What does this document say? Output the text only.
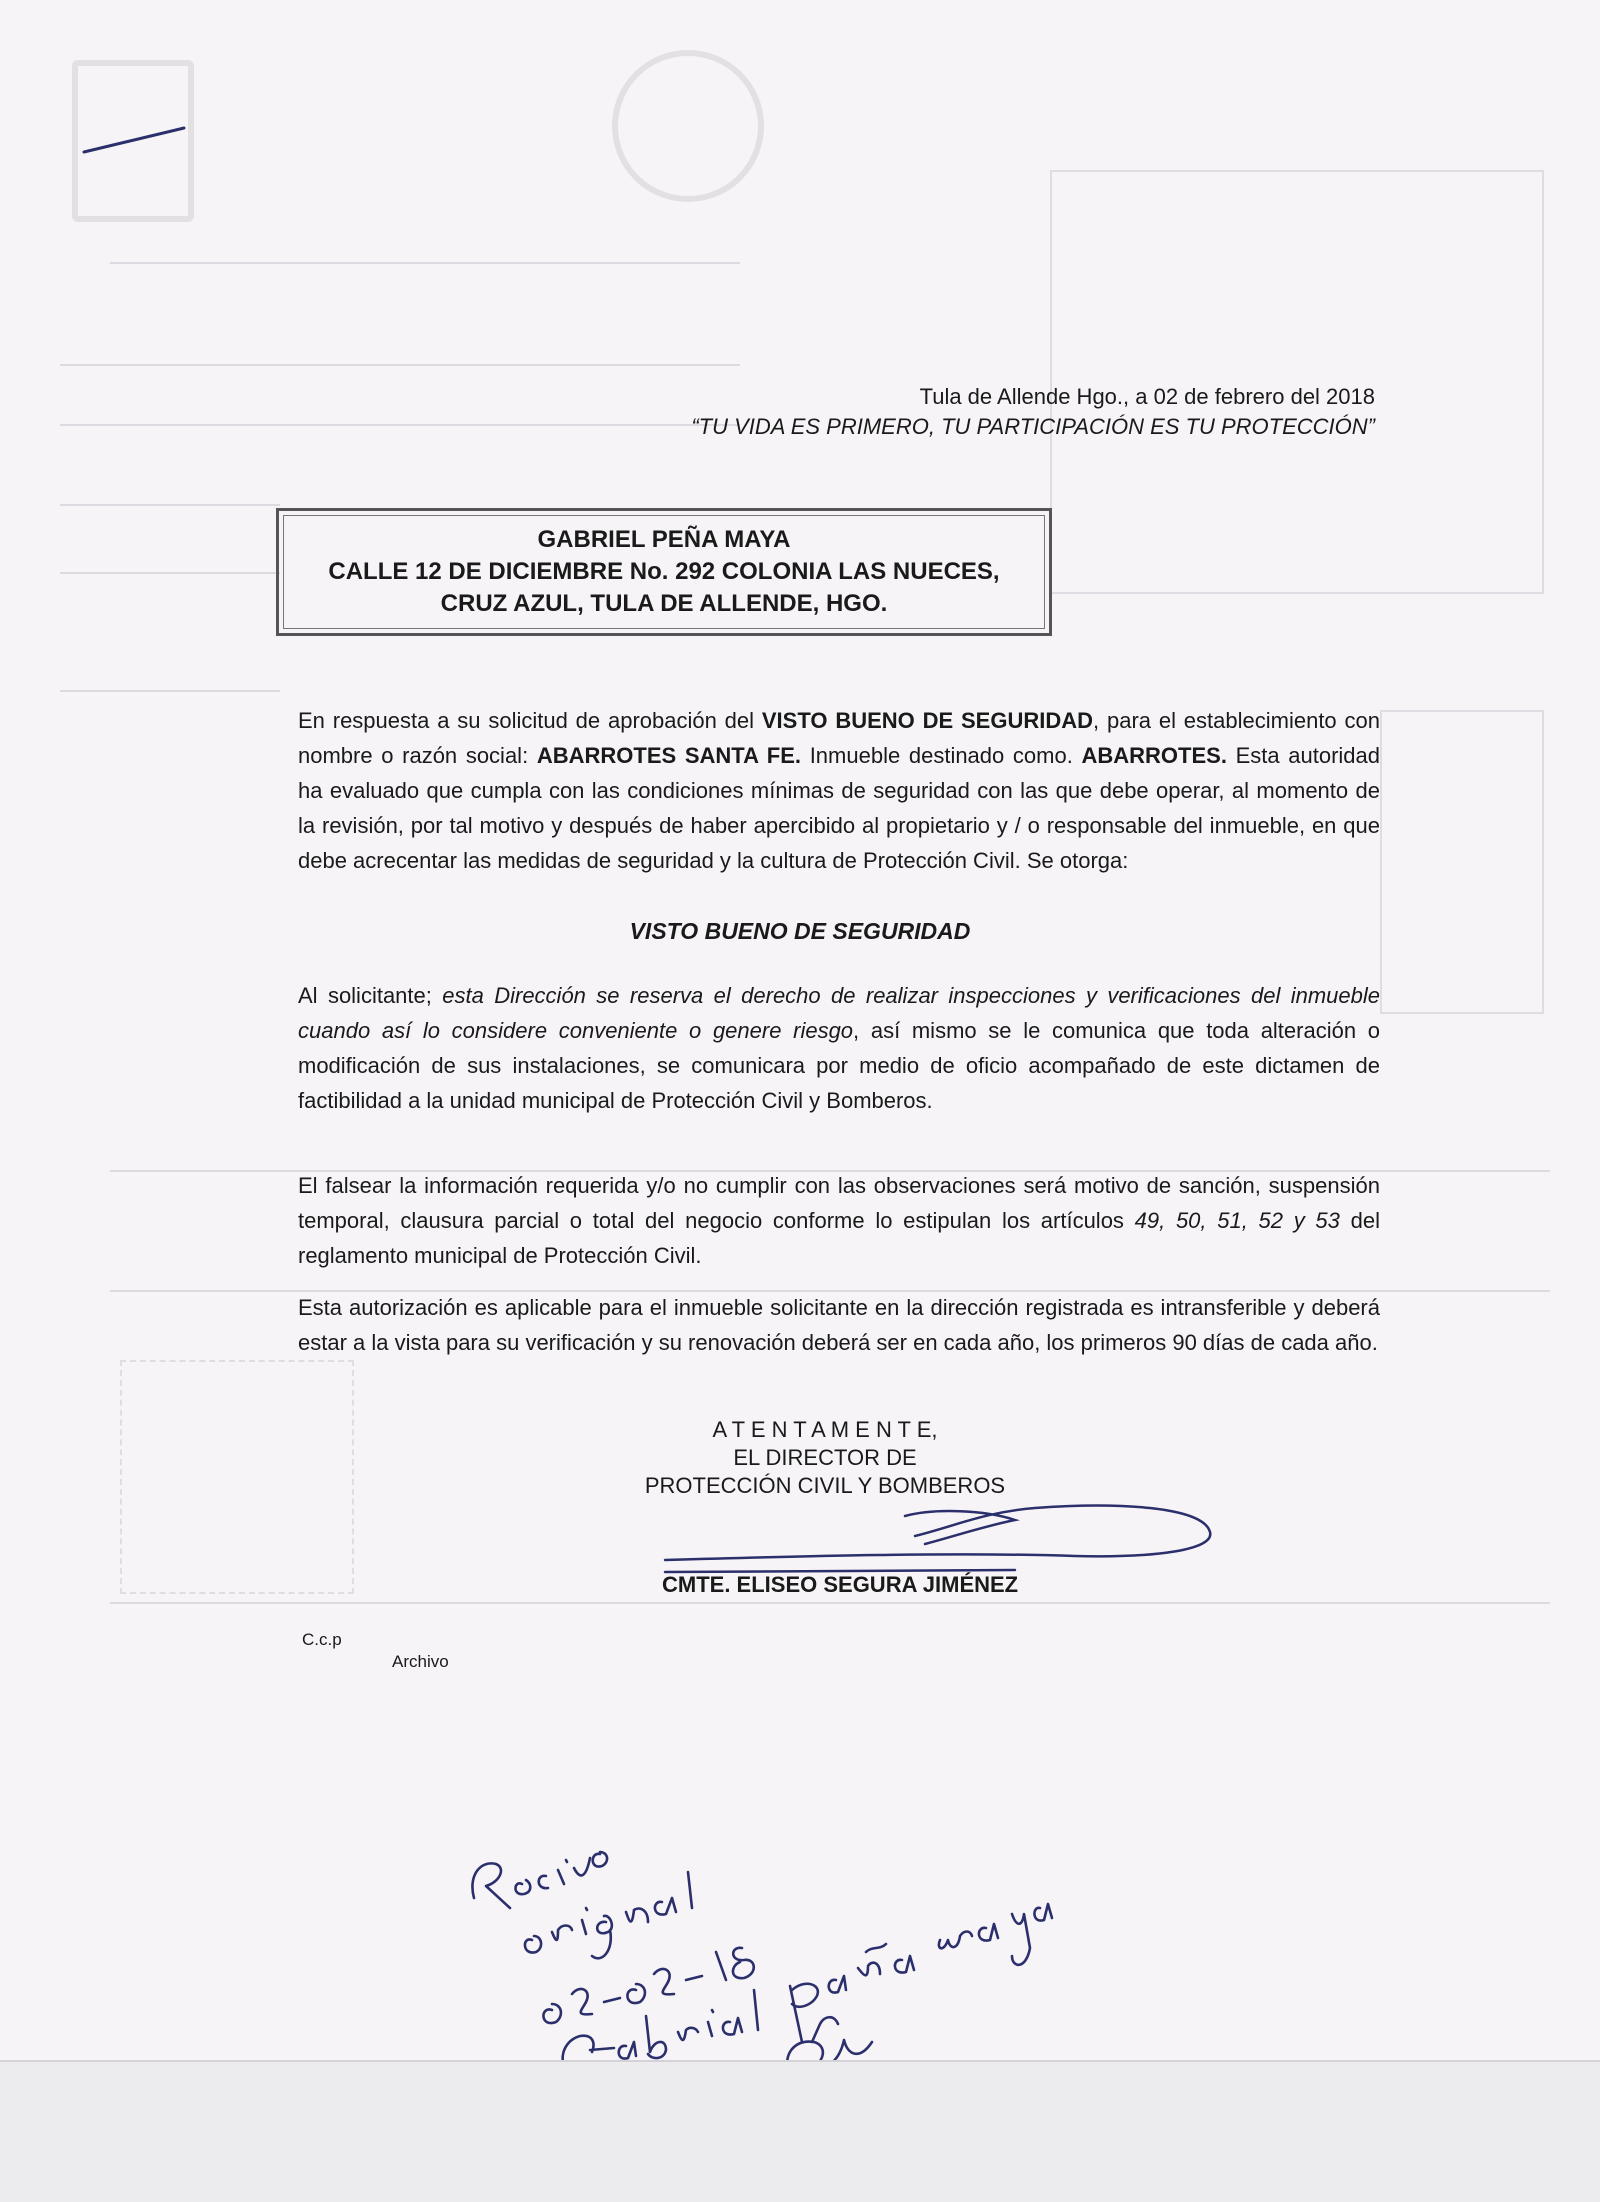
Tula de Allende Hgo., a 02 de febrero del 2018
“TU VIDA ES PRIMERO, TU PARTICIPACIÓN ES TU PROTECCIÓN”
GABRIEL PEÑA MAYA
CALLE 12 DE DICIEMBRE No. 292 COLONIA LAS NUECES,
CRUZ AZUL, TULA DE ALLENDE, HGO.
En respuesta a su solicitud de aprobación del VISTO BUENO DE SEGURIDAD, para el establecimiento con nombre o razón social: ABARROTES SANTA FE. Inmueble destinado como. ABARROTES. Esta autoridad ha evaluado que cumpla con las condiciones mínimas de seguridad con las que debe operar, al momento de la revisión, por tal motivo y después de haber apercibido al propietario y / o responsable del inmueble, en que debe acrecentar las medidas de seguridad y la cultura de Protección Civil. Se otorga:
VISTO BUENO DE SEGURIDAD
Al solicitante; esta Dirección se reserva el derecho de realizar inspecciones y verificaciones del inmueble cuando así lo considere conveniente o genere riesgo, así mismo se le comunica que toda alteración o modificación de sus instalaciones, se comunicara por medio de oficio acompañado de este dictamen de factibilidad a la unidad municipal de Protección Civil y Bomberos.
El falsear la información requerida y/o no cumplir con las observaciones será motivo de sanción, suspensión temporal, clausura parcial o total del negocio conforme lo estipulan los artículos 49, 50, 51, 52 y 53 del reglamento municipal de Protección Civil.
Esta autorización es aplicable para el inmueble solicitante en la dirección registrada es intransferible y deberá estar a la vista para su verificación y su renovación deberá ser en cada año, los primeros 90 días de cada año.
A T E N T A M E N T E,
EL DIRECTOR DE
PROTECCIÓN CIVIL Y BOMBEROS
CMTE. ELISEO SEGURA JIMÉNEZ
C.c.p
Archivo
